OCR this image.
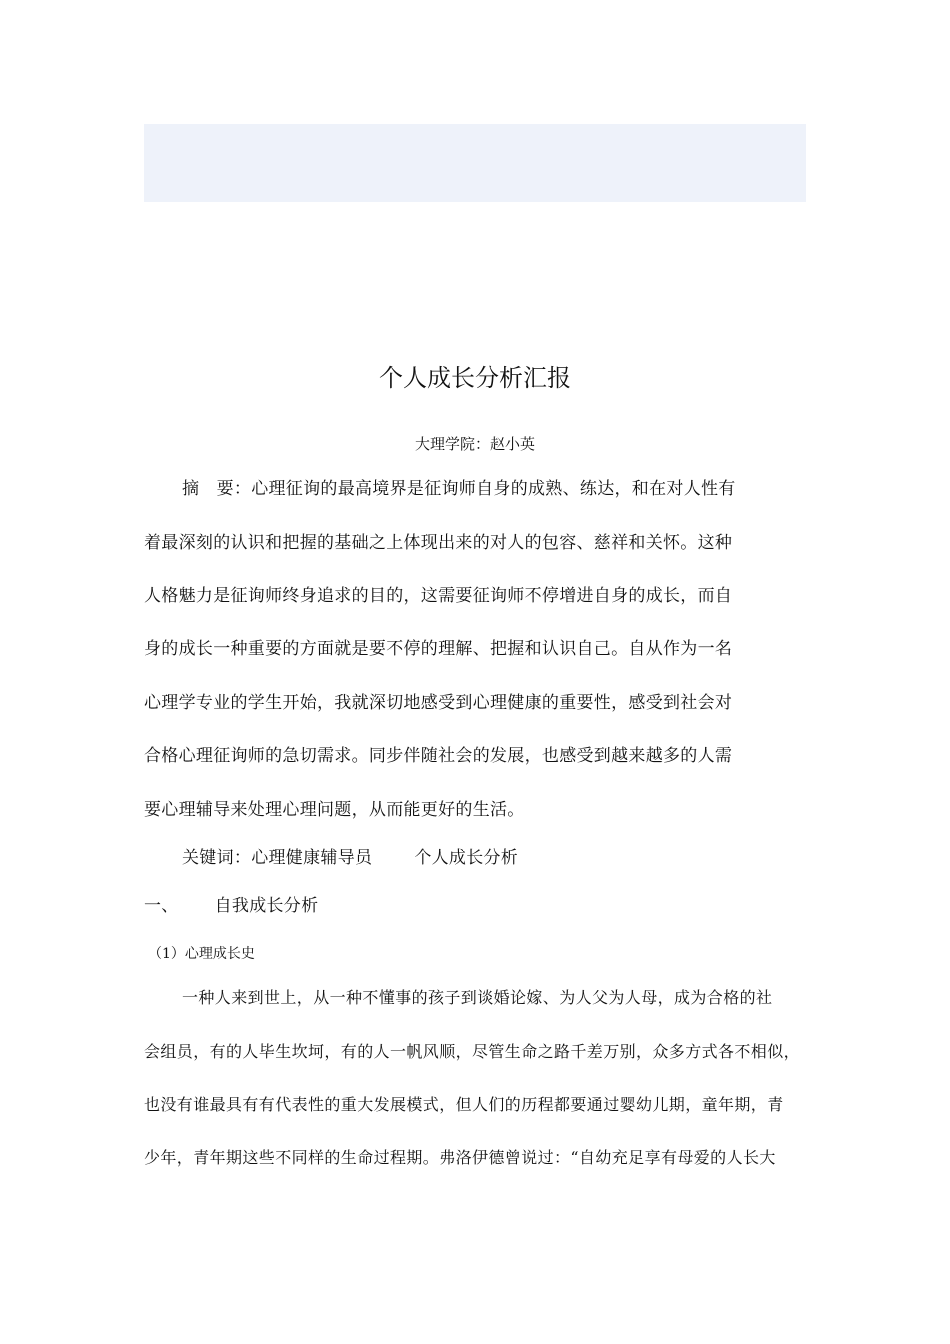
个人成长分析汇报
大理学院：赵小英
摘　要：心理征询的最高境界是征询师自身的成熟、练达，和在对人性有
着最深刻的认识和把握的基础之上体现出来的对人的包容、慈祥和关怀。这种
人格魅力是征询师终身追求的目的，这需要征询师不停增进自身的成长，而自
身的成长一种重要的方面就是要不停的理解、把握和认识自己。自从作为一名
心理学专业的学生开始，我就深切地感受到心理健康的重要性，感受到社会对
合格心理征询师的急切需求。同步伴随社会的发展，也感受到越来越多的人需
要心理辅导来处理心理问题，从而能更好的生活。
关键词：心理健康辅导员 个人成长分析
一、 自我成长分析
（1）心理成长史
一种人来到世上，从一种不懂事的孩子到谈婚论嫁、为人父为人母，成为合格的社
会组员，有的人毕生坎坷，有的人一帆风顺，尽管生命之路千差万别，众多方式各不相似，
也没有谁最具有有代表性的重大发展模式，但人们的历程都要通过婴幼儿期，童年期，青
少年，青年期这些不同样的生命过程期。弗洛伊德曾说过：“自幼充足享有母爱的人长大
